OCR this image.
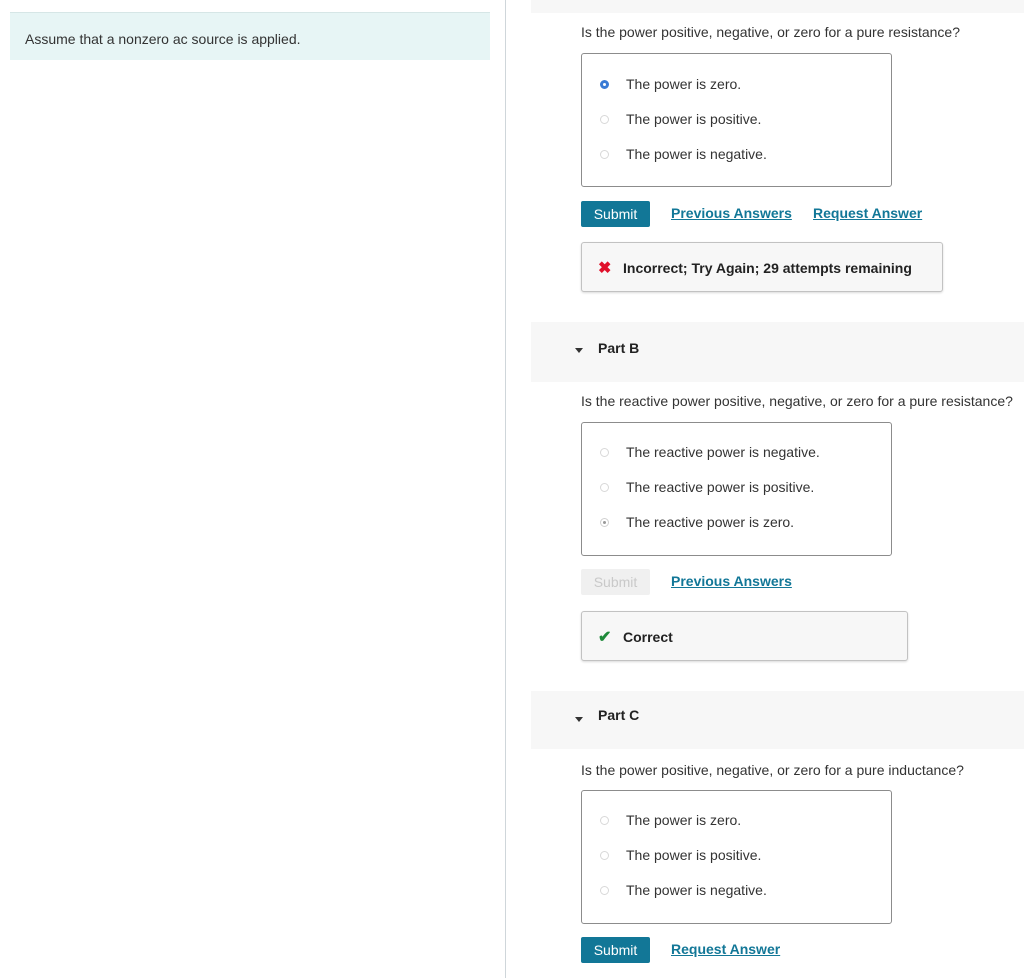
Assume that a nonzero ac source is applied.	Is the power positive, negative, or zero for a pure resistance?
The power is zero.
The power is positive.
The power is negative.
Submit	Previous Answers Request Answer
✖ Incorrect; Try Again; 29 attempts remaining
Part B
Is the reactive power positive, negative, or zero for a pure resistance?
The reactive power is negative.
The reactive power is positive.
The reactive power is zero.
Submit	Previous Answers
✔ Correct
Part C
Is the power positive, negative, or zero for a pure inductance?
The power is zero.
The power is positive.
The power is negative.
Submit	Request Answer
